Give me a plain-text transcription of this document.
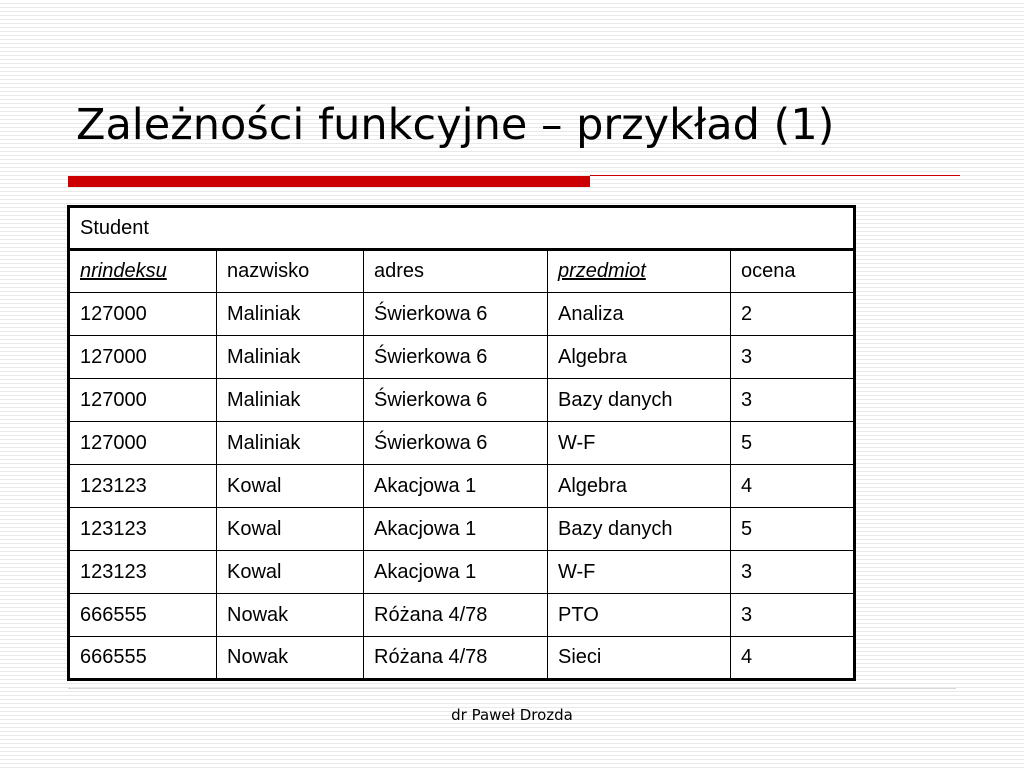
Zależności funkcyjne – przykład (1)
Student				
nrindeksu	nazwisko	adres	przedmiot	ocena
127000	Maliniak	Świerkowa 6	Analiza	2
127000	Maliniak	Świerkowa 6	Algebra	3
127000	Maliniak	Świerkowa 6	Bazy danych	3
127000	Maliniak	Świerkowa 6	W-F	5
123123	Kowal	Akacjowa 1	Algebra	4
123123	Kowal	Akacjowa 1	Bazy danych	5
123123	Kowal	Akacjowa 1	W-F	3
666555	Nowak	Różana 4/78	PTO	3
666555	Nowak	Różana 4/78	Sieci	4
dr Paweł Drozda
